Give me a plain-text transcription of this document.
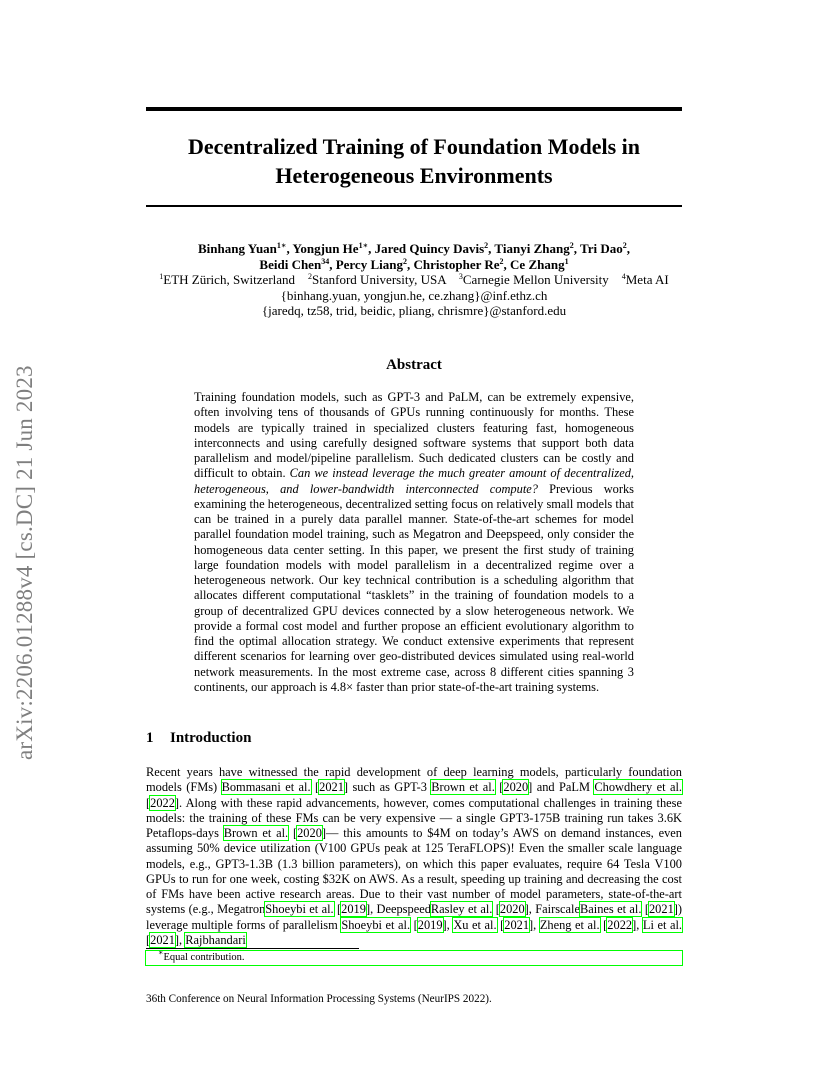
Decentralized Training of Foundation Models in Heterogeneous Environments
Binhang Yuan$^{1∗}$, Yongjun $He^{1∗}$, Jared Quincy Davis$^2$, Tianyi Zhang$^2$, Tri Dao$^2$,
Beidi Chen$^{34}$, Percy Liang$^2$, Christopher Re$^2$, Ce Zhang$^1$
$^1$ETH Zürich, Switzerland    $^2$Stanford University, USA    $^3$Carnegie Mellon University    $^4$Meta AI
{binhang.yuan, yongjun.he, ce.zhang}@inf.ethz.ch
{jaredq, tz58, trid, beidic, pliang, chrismre}@stanford.edu
arXiv:2206.01288v4 [cs.DC] 21 Jun 2023
Abstract
Training foundation models, such as GPT-3 and PaLM, can be extremely expensive, often involving tens of thousands of GPUs running continuously for months. These models are typically trained in specialized clusters featuring fast, homogeneous interconnects and using carefully designed software systems that support both data parallelism and model/pipeline parallelism. Such dedicated clusters can be costly and difficult to obtain. Can we instead leverage the much greater amount of decentralized, heterogeneous, and lower-bandwidth interconnected compute? Previous works examining the heterogeneous, decentralized setting focus on relatively small models that can be trained in a purely data parallel manner. State-of-the-art schemes for model parallel foundation model training, such as Megatron and Deepspeed, only consider the homogeneous data center setting. In this paper, we present the first study of training large foundation models with model parallelism in a decentralized regime over a heterogeneous network. Our key technical contribution is a scheduling algorithm that allocates different computational “tasklets” in the training of foundation models to a group of decentralized GPU devices connected by a slow heterogeneous network. We provide a formal cost model and further propose an efficient evolutionary algorithm to find the optimal allocation strategy. We conduct extensive experiments that represent different scenarios for learning over geo-distributed devices simulated using real-world network measurements. In the most extreme case, across 8 different cities spanning 3 continents, our approach is 4.8× faster than prior state-of-the-art training systems.
1 Introduction
Recent years have witnessed the rapid development of deep learning models, particularly foundation models (FMs) Bommasani et al. [2021] such as GPT-3 Brown et al. [2020] and PaLM Chowdhery et al. [2022]. Along with these rapid advancements, however, comes computational challenges in training these models: the training of these FMs can be very expensive — a single GPT3-175B training run takes 3.6K Petaflops-days Brown et al. [2020]— this amounts to $4M on today’s AWS on demand instances, even assuming 50% device utilization (V100 GPUs peak at 125 TeraFLOPS)! Even the smaller scale language models, e.g., GPT3-1.3B (1.3 billion parameters), on which this paper evaluates, require 64 Tesla V100 GPUs to run for one week, costing $32K on AWS. As a result, speeding up training and decreasing the cost of FMs have been active research areas. Due to their vast number of model parameters, state-of-the-art systems (e.g., MegatronShoeybi et al. [2019], DeepspeedRasley et al. [2020], FairscaleBaines et al. [2021]) leverage multiple forms of parallelism Shoeybi et al. [2019], Xu et al. [2021], Zheng et al. [2022], Li et al. [2021], Rajbhandari
∗Equal contribution.
36th Conference on Neural Information Processing Systems (NeurIPS 2022).
